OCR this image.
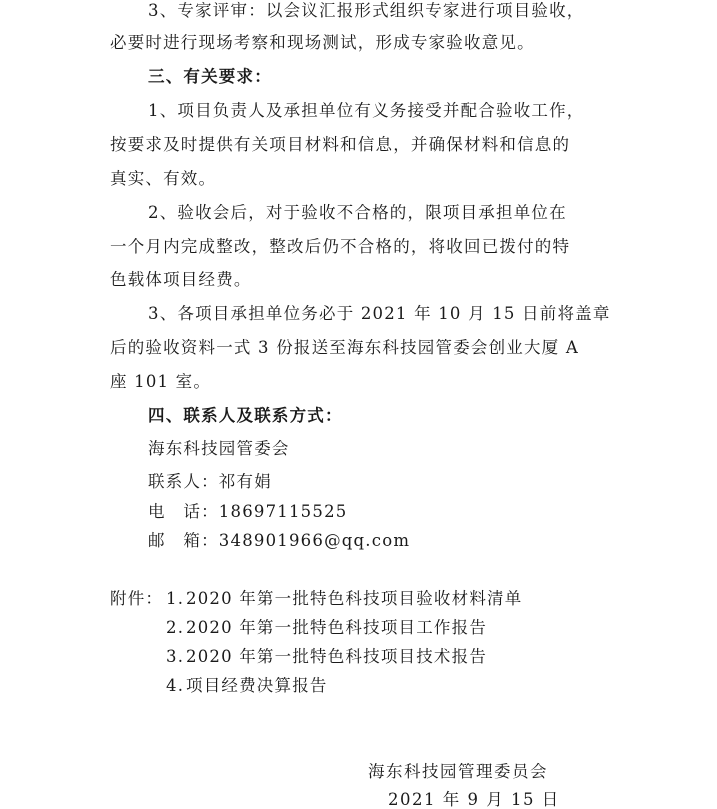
3、专家评审：以会议汇报形式组织专家进行项目验收，
必要时进行现场考察和现场测试，形成专家验收意见。
三、有关要求：
1、项目负责人及承担单位有义务接受并配合验收工作，
按要求及时提供有关项目材料和信息，并确保材料和信息的
真实、有效。
2、验收会后，对于验收不合格的，限项目承担单位在
一个月内完成整改，整改后仍不合格的，将收回已拨付的特
色载体项目经费。
3、各项目承担单位务必于 2021 年 10 月 15 日前将盖章
后的验收资料一式 3 份报送至海东科技园管委会创业大厦 A
座 101 室。
四、联系人及联系方式：
海东科技园管委会
联系人：祁有娟
电　话：18697115525
邮　箱：348901966@qq.com
附件： 1. 2020 年第一批特色科技项目验收材料清单
2. 2020 年第一批特色科技项目工作报告
3. 2020 年第一批特色科技项目技术报告
4. 项目经费决算报告
海东科技园管理委员会
2021 年 9 月 15 日
